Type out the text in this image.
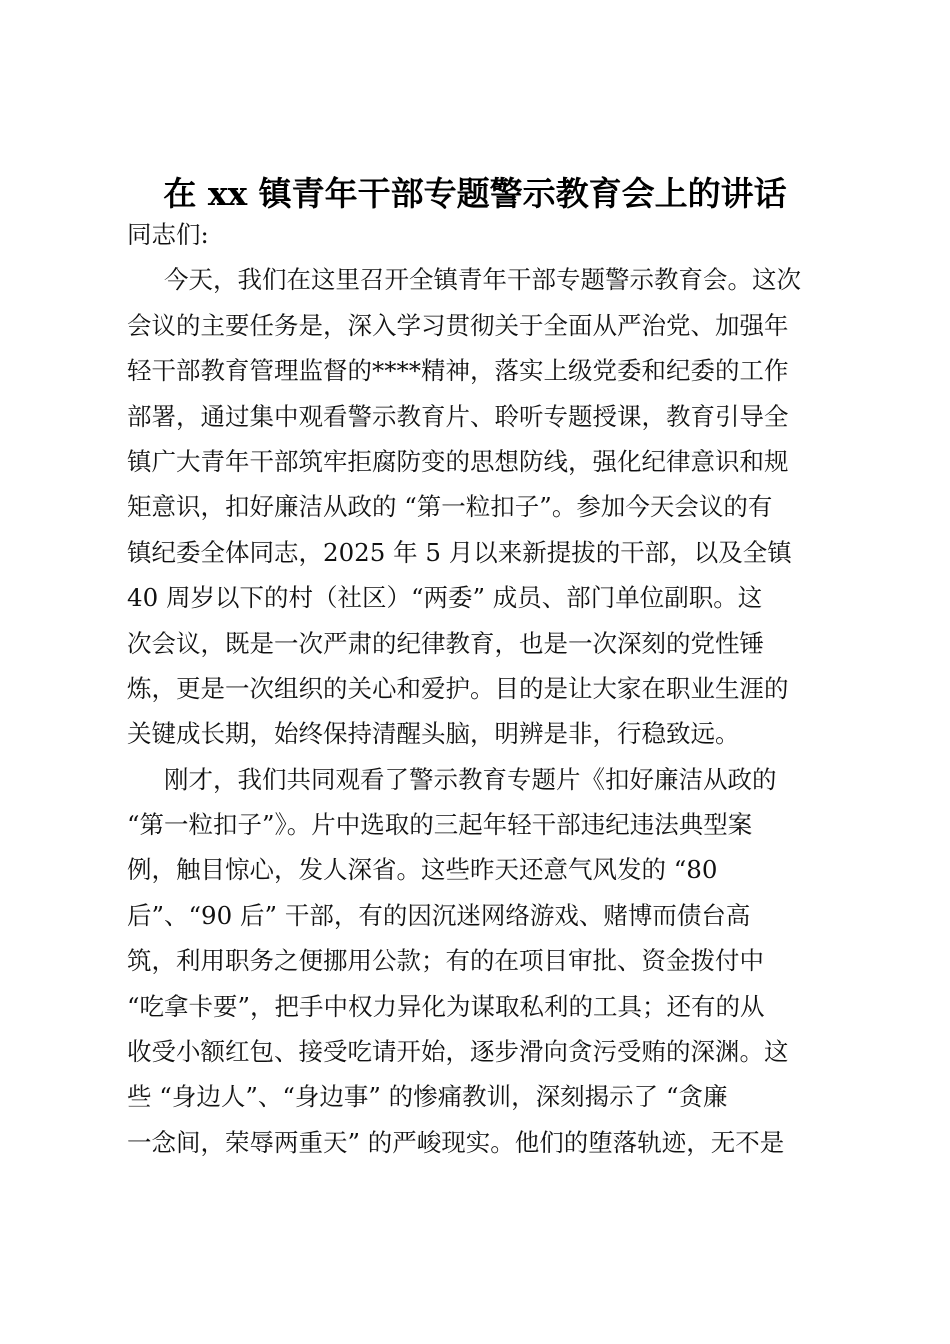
在 xx 镇青年干部专题警示教育会上的讲话
同志们:
今天，我们在这里召开全镇青年干部专题警示教育会。这次
会议的主要任务是，深入学习贯彻关于全面从严治党、加强年
轻干部教育管理监督的****精神，落实上级党委和纪委的工作
部署，通过集中观看警示教育片、聆听专题授课，教育引导全
镇广大青年干部筑牢拒腐防变的思想防线，强化纪律意识和规
矩意识，扣好廉洁从政的 “第一粒扣子”。参加今天会议的有
镇纪委全体同志，2025 年 5 月以来新提拔的干部，以及全镇
40 周岁以下的村（社区）“两委” 成员、部门单位副职。这
次会议，既是一次严肃的纪律教育，也是一次深刻的党性锤
炼，更是一次组织的关心和爱护。目的是让大家在职业生涯的
关键成长期，始终保持清醒头脑，明辨是非，行稳致远。
刚才，我们共同观看了警示教育专题片《扣好廉洁从政的
“第一粒扣子”》。片中选取的三起年轻干部违纪违法典型案
例，触目惊心，发人深省。这些昨天还意气风发的 “80
后”、“90 后” 干部，有的因沉迷网络游戏、赌博而债台高
筑，利用职务之便挪用公款；有的在项目审批、资金拨付中
“吃拿卡要”，把手中权力异化为谋取私利的工具；还有的从
收受小额红包、接受吃请开始，逐步滑向贪污受贿的深渊。这
些 “身边人”、“身边事” 的惨痛教训，深刻揭示了 “贪廉
一念间，荣辱两重天” 的严峻现实。他们的堕落轨迹，无不是
